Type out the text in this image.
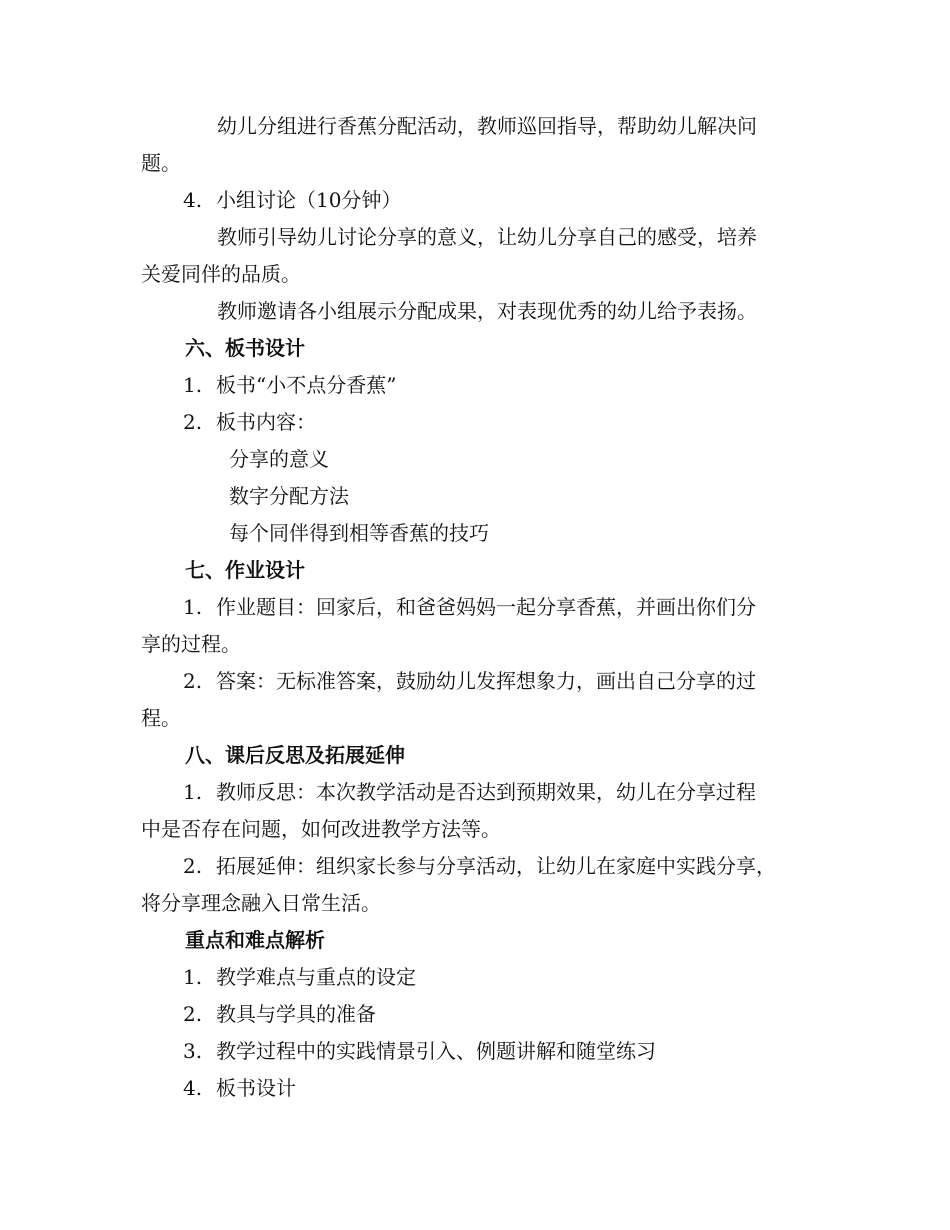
幼儿分组进行香蕉分配活动，教师巡回指导，帮助幼儿解决问

题。

4. 小组讨论（10分钟）

教师引导幼儿讨论分享的意义，让幼儿分享自己的感受，培养

关爱同伴的品质。

教师邀请各小组展示分配成果，对表现优秀的幼儿给予表扬。

六、板书设计

1. 板书“小不点分香蕉”

2. 板书内容：

分享的意义

数字分配方法

每个同伴得到相等香蕉的技巧

七、作业设计

1. 作业题目：回家后，和爸爸妈妈一起分享香蕉，并画出你们分

享的过程。

2. 答案：无标准答案，鼓励幼儿发挥想象力，画出自己分享的过

程。

八、课后反思及拓展延伸

1. 教师反思：本次教学活动是否达到预期效果，幼儿在分享过程

中是否存在问题，如何改进教学方法等。

2. 拓展延伸：组织家长参与分享活动，让幼儿在家庭中实践分享，

将分享理念融入日常生活。

重点和难点解析

1. 教学难点与重点的设定

2. 教具与学具的准备

3. 教学过程中的实践情景引入、例题讲解和随堂练习

4. 板书设计
